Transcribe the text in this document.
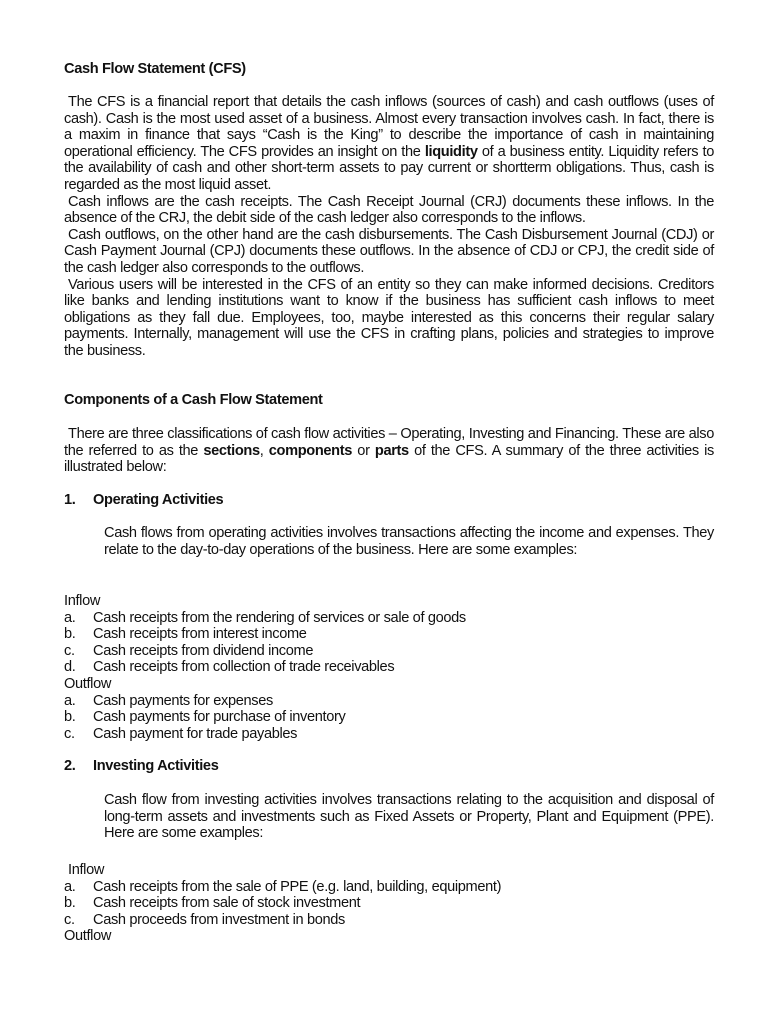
Cash Flow Statement (CFS)

The CFS is a financial report that details the cash inflows (sources of cash) and cash outflows (uses of cash). Cash is the most used asset of a business. Almost every transaction involves cash. In fact, there is a maxim in finance that says “Cash is the King” to describe the importance of cash in maintaining operational efficiency. The CFS provides an insight on the liquidity of a business entity. Liquidity refers to the availability of cash and other short-term assets to pay current or shortterm obligations. Thus, cash is regarded as the most liquid asset.

Cash inflows are the cash receipts. The Cash Receipt Journal (CRJ) documents these inflows. In the absence of the CRJ, the debit side of the cash ledger also corresponds to the inflows.

Cash outflows, on the other hand are the cash disbursements. The Cash Disbursement Journal (CDJ) or Cash Payment Journal (CPJ) documents these outflows. In the absence of CDJ or CPJ, the credit side of the cash ledger also corresponds to the outflows.

Various users will be interested in the CFS of an entity so they can make informed decisions. Creditors like banks and lending institutions want to know if the business has sufficient cash inflows to meet obligations as they fall due. Employees, too, maybe interested as this concerns their regular salary payments. Internally, management will use the CFS in crafting plans, policies and strategies to improve the business.

Components of a Cash Flow Statement

There are three classifications of cash flow activities – Operating, Investing and Financing. These are also the referred to as the sections, components or parts of the CFS. A summary of the three activities is illustrated below:

1. Operating Activities

Cash flows from operating activities involves transactions affecting the income and expenses. They relate to the day-to-day operations of the business. Here are some examples:

Inflow
a.	Cash receipts from the rendering of services or sale of goods
b.	Cash receipts from interest income
c.	Cash receipts from dividend income
d.	Cash receipts from collection of trade receivables
Outflow
a.	Cash payments for expenses
b.	Cash payments for purchase of inventory
c.	Cash payment for trade payables
2. Investing Activities

Cash flow from investing activities involves transactions relating to the acquisition and disposal of long-term assets and investments such as Fixed Assets or Property, Plant and Equipment (PPE). Here are some examples:

Inflow
a.	Cash receipts from the sale of PPE (e.g. land, building, equipment)
b.	Cash receipts from sale of stock investment
c.	Cash proceeds from investment in bonds
Outflow
